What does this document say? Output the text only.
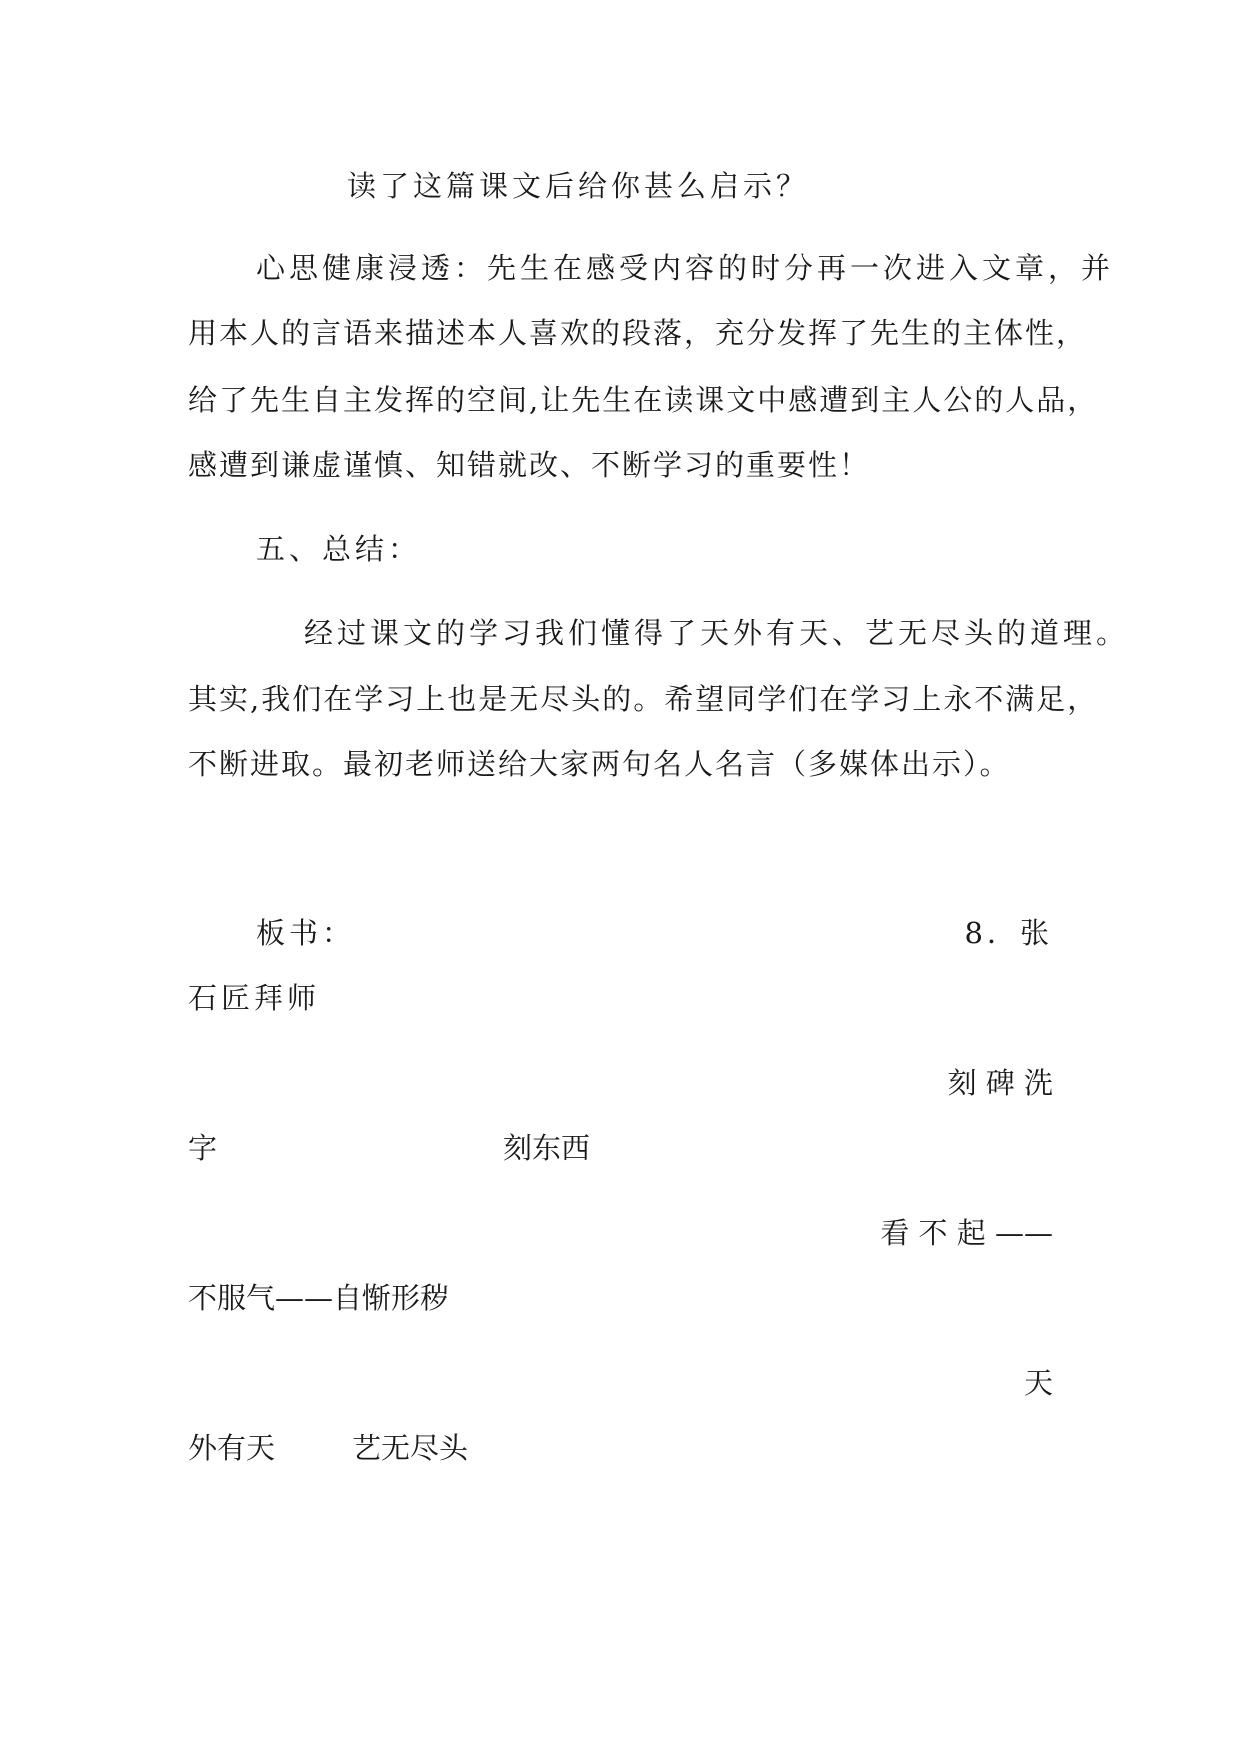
读了这篇课文后给你甚么启示？
心思健康浸透：先生在感受内容的时分再一次进入文章，并
用本人的言语来描述本人喜欢的段落，充分发挥了先生的主体性，
给了先生自主发挥的空间,让先生在读课文中感遭到主人公的人品，
感遭到谦虚谨慎、知错就改、不断学习的重要性！
五、总结：
经过课文的学习我们懂得了天外有天、艺无尽头的道理。
其实,我们在学习上也是无尽头的。希望同学们在学习上永不满足，
不断进取。最初老师送给大家两句名人名言（多媒体出示）。
板书：	8．张
石匠拜师
刻 碑 洗
字	刻东西
看 不 起 ——
不服气——自惭形秽
天
外有天	艺无尽头
